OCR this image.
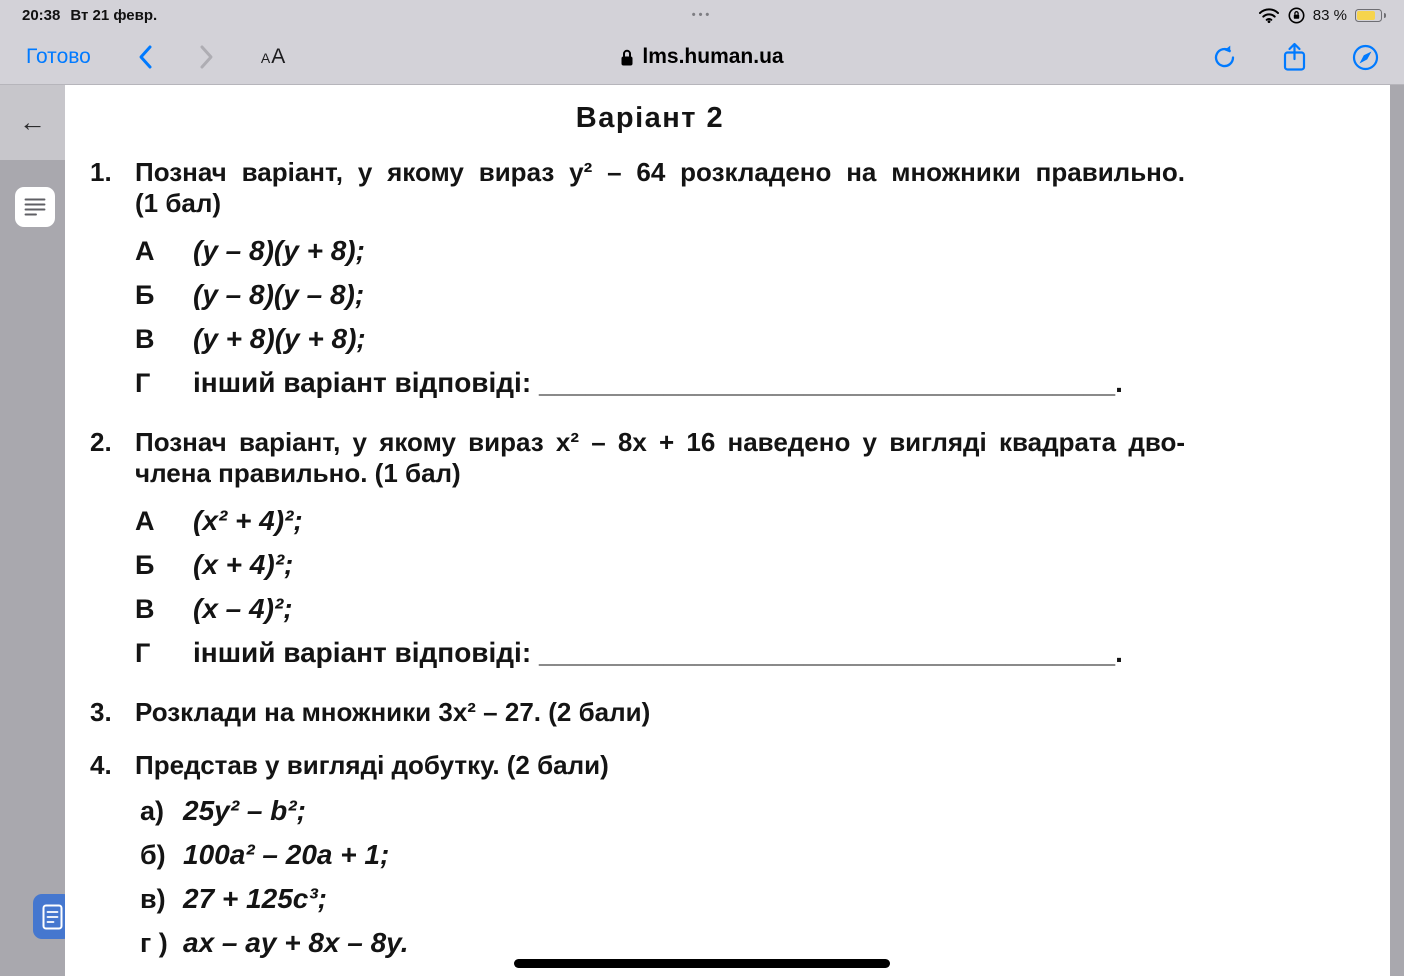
20:38 Вт 21 февр.	•••	83 %
Готово	АА	lms.human.ua
←	Варіант 2
1. Познач варіант, у якому вираз y² – 64 розкладено на множники правильно.
(1 бал)
А	(y – 8)(y + 8);
Б	(y – 8)(y – 8);
В	(y + 8)(y + 8);
Г	інший варіант відповіді: _____________________________________.
2. Познач варіант, у якому вираз x² – 8x + 16 наведено у вигляді квадрата дво-
члена правильно. (1 бал)
А	(x² + 4)²;
Б	(x + 4)²;
В	(x – 4)²;
Г	інший варіант відповіді: _____________________________________.
3. Розклади на множники 3x² – 27. (2 бали)
4. Представ у вигляді добутку. (2 бали)
а) 25y² – b²;
б) 100a² – 20a + 1;
в) 27 + 125c³;
г ) ax – ay + 8x – 8y.
